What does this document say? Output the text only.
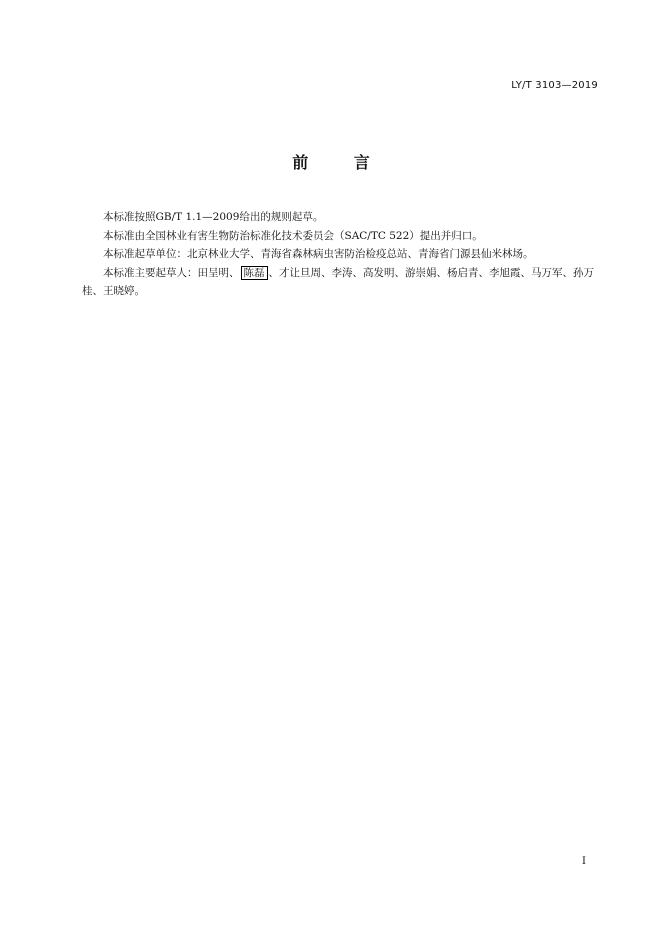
LY/T 3103—2019
前	言

本标准按照GB/T 1.1—2009给出的规则起草。

本标准由全国林业有害生物防治标准化技术委员会（SAC/TC 522）提出并归口。

本标准起草单位：北京林业大学、青海省森林病虫害防治检疫总站、青海省门源县仙米林场。

本标准主要起草人：田呈明、 陈磊 、才让旦周、李涛、高发明、游崇娟、杨启青、李旭霞、马万军、孙万桂、王晓婷。

I
